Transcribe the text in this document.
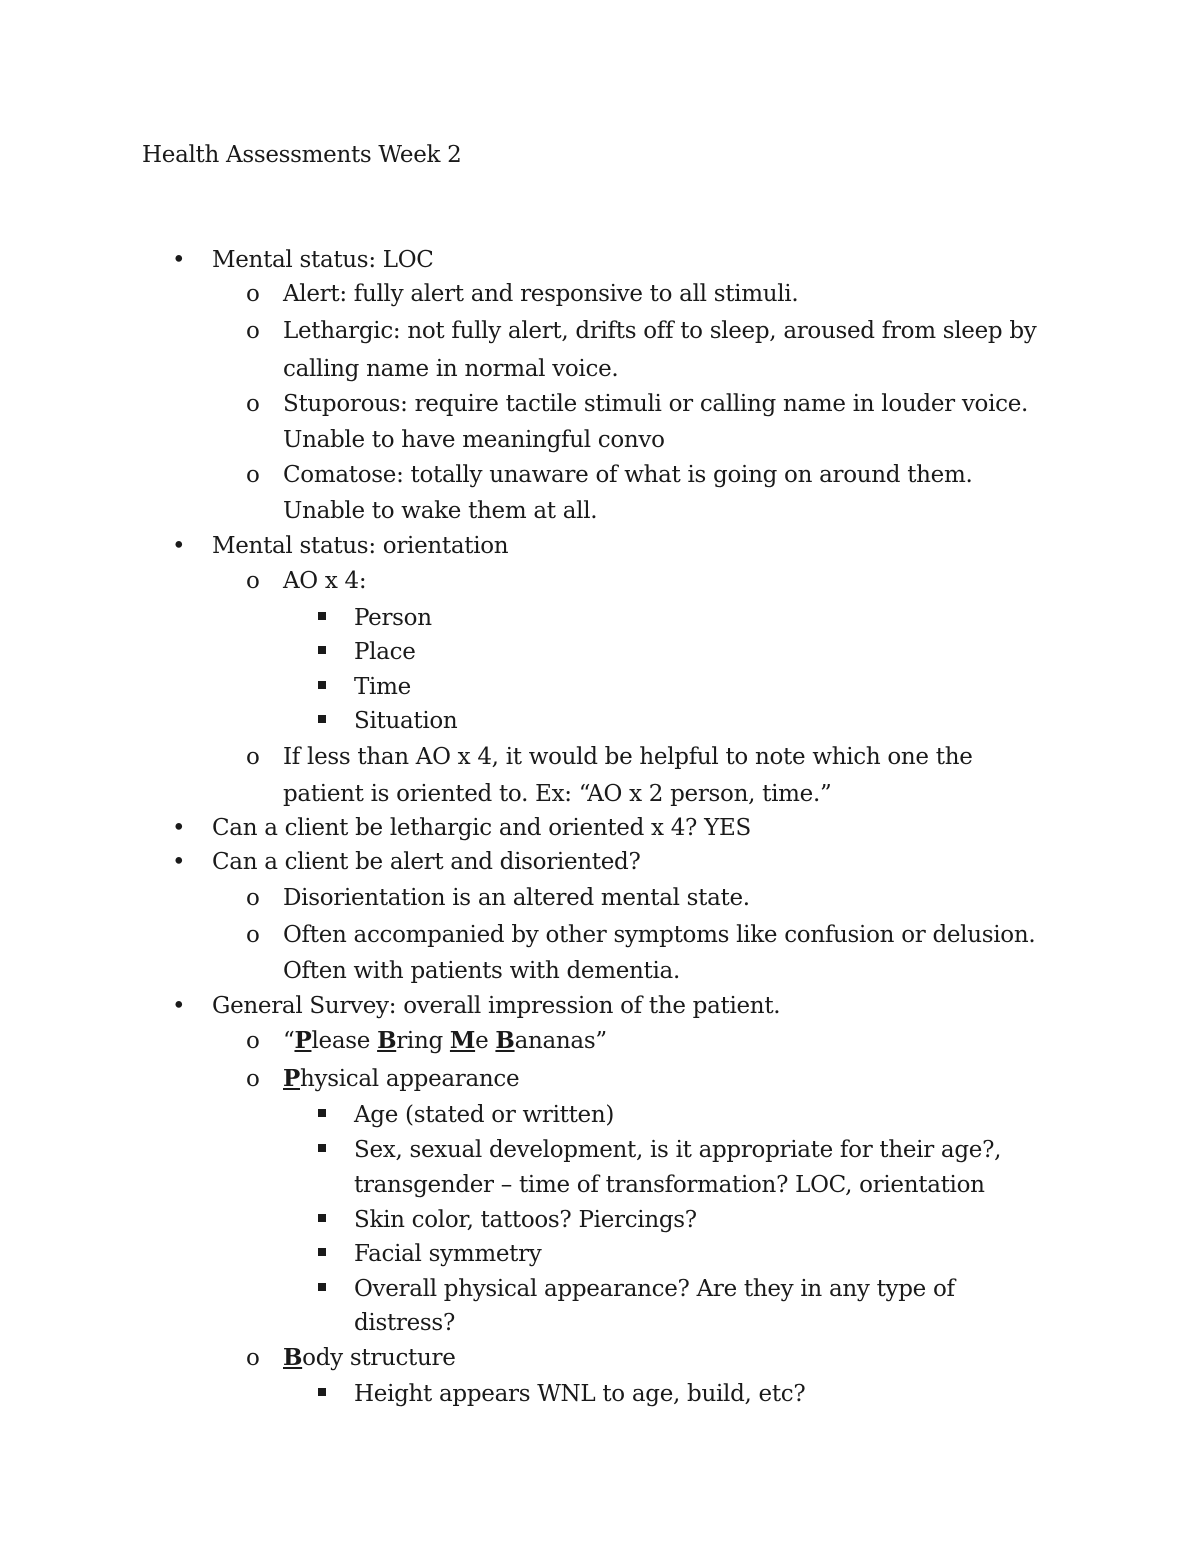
Health Assessments Week 2
•
Mental status: LOC
o
Alert: fully alert and responsive to all stimuli.
o
Lethargic: not fully alert, drifts off to sleep, aroused from sleep by
calling name in normal voice.
o
Stuporous: require tactile stimuli or calling name in louder voice.
Unable to have meaningful convo
o
Comatose: totally unaware of what is going on around them.
Unable to wake them at all.
•
Mental status: orientation
o
AO x 4:
Person
Place
Time
Situation
o
If less than AO x 4, it would be helpful to note which one the
patient is oriented to. Ex: “AO x 2 person, time.”
•
Can a client be lethargic and oriented x 4? YES
•
Can a client be alert and disoriented?
o
Disorientation is an altered mental state.
o
Often accompanied by other symptoms like confusion or delusion.
Often with patients with dementia.
•
General Survey: overall impression of the patient.
o
“Please Bring Me Bananas”
o
Physical appearance
Age (stated or written)
Sex, sexual development, is it appropriate for their age?,
transgender – time of transformation? LOC, orientation
Skin color, tattoos? Piercings?
Facial symmetry
Overall physical appearance? Are they in any type of
distress?
o
Body structure
Height appears WNL to age, build, etc?
